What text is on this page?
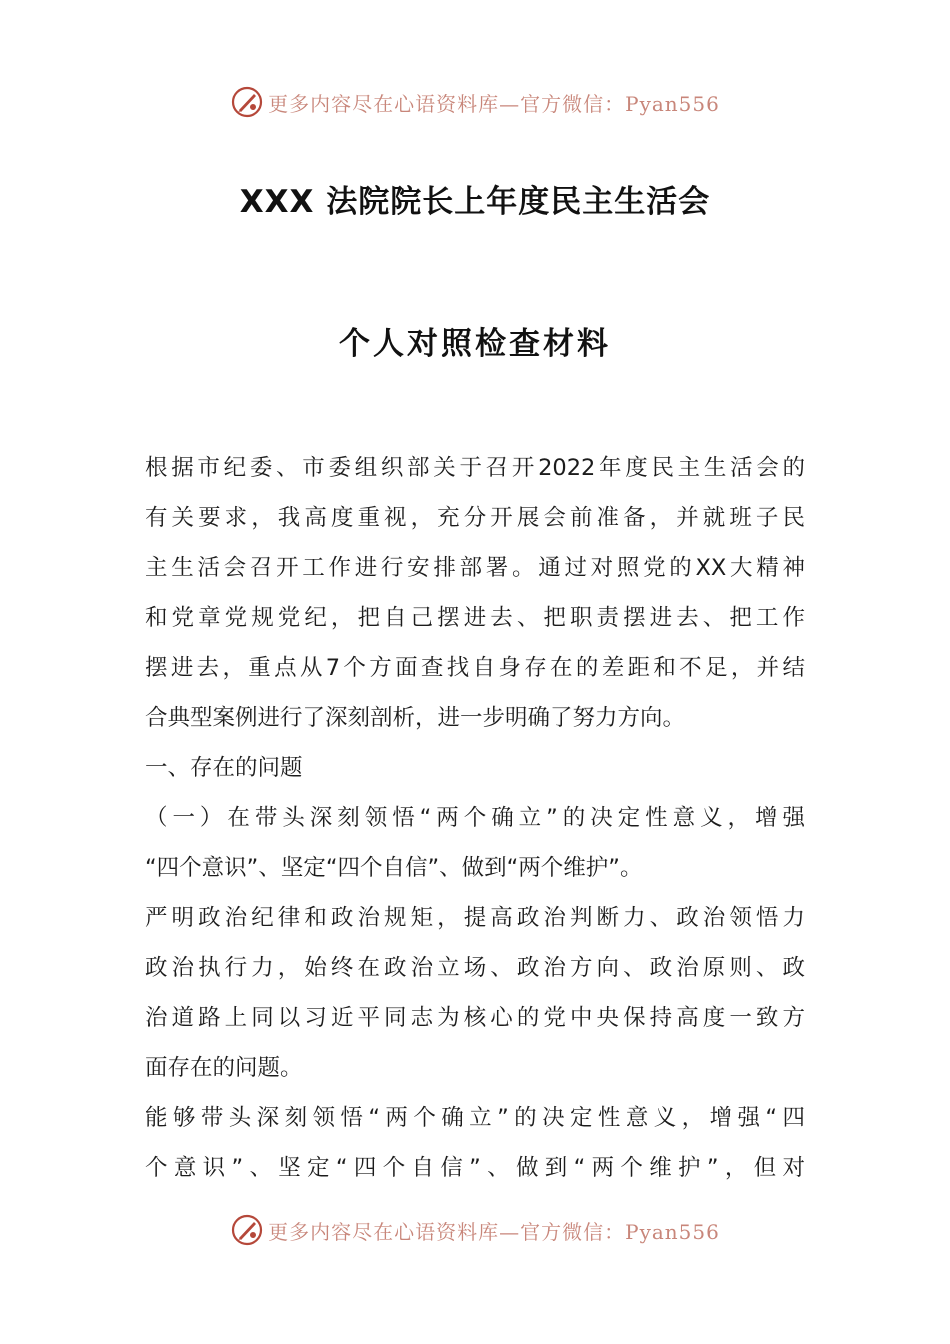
更多内容尽在心语资料库—官方微信：Pyan556
XXX 法院院长上年度民主生活会
个人对照检查材料
根据市纪委、市委组织部关于召开2022年度民主生活会的
有关要求，我高度重视，充分开展会前准备，并就班子民
主生活会召开工作进行安排部署。通过对照党的XX大精神
和党章党规党纪，把自己摆进去、把职责摆进去、把工作
摆进去，重点从7个方面查找自身存在的差距和不足，并结
合典型案例进行了深刻剖析，进一步明确了努力方向。
一、存在的问题
（一）在带头深刻领悟“两个确立”的决定性意义，增强
“四个意识”、坚定“四个自信”、做到“两个维护”。
严明政治纪律和政治规矩，提高政治判断力、政治领悟力
政治执行力，始终在政治立场、政治方向、政治原则、政
治道路上同以习近平同志为核心的党中央保持高度一致方
面存在的问题。
能够带头深刻领悟“两个确立”的决定性意义，增强“四
个意识”、坚定“四个自信”、做到“两个维护”，但对
更多内容尽在心语资料库—官方微信：Pyan556
